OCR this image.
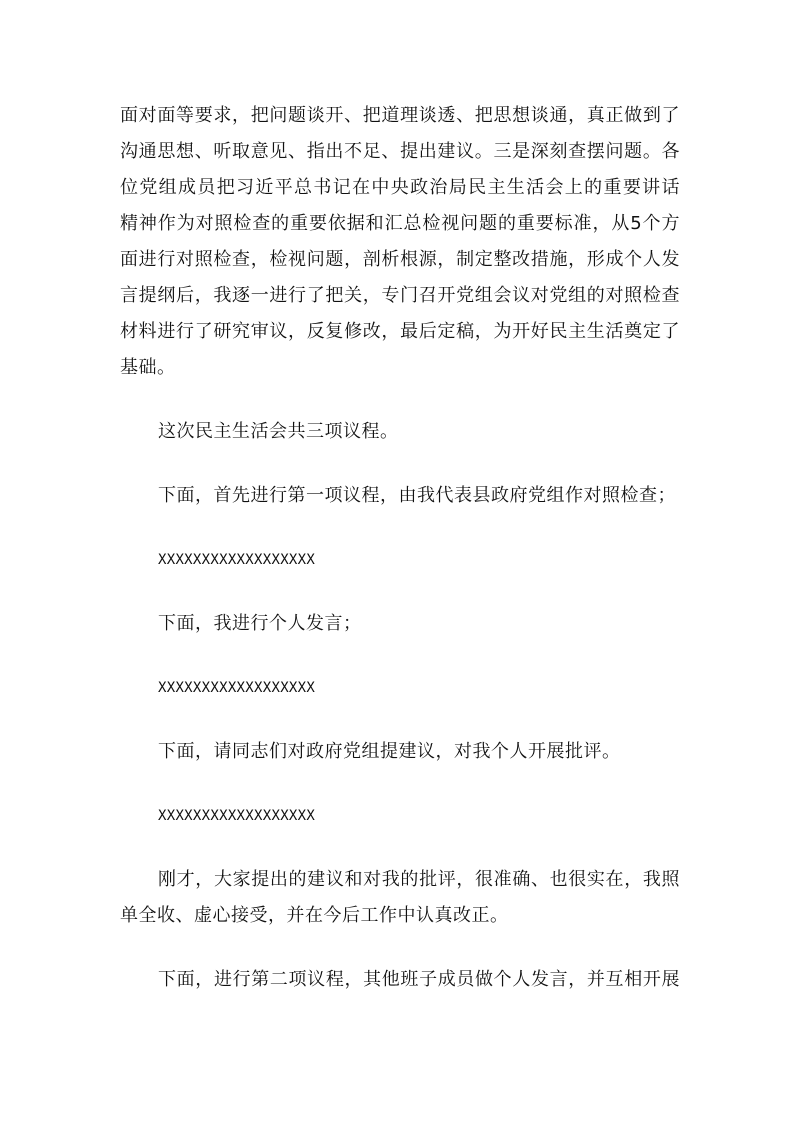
面对面等要求，把问题谈开、把道理谈透、把思想谈通，真正做到了
沟通思想、听取意见、指出不足、提出建议。三是深刻查摆问题。各
位党组成员把习近平总书记在中央政治局民主生活会上的重要讲话
精神作为对照检查的重要依据和汇总检视问题的重要标准，从5个方
面进行对照检查，检视问题，剖析根源，制定整改措施，形成个人发
言提纲后，我逐一进行了把关，专门召开党组会议对党组的对照检查
材料进行了研究审议，反复修改，最后定稿，为开好民主生活奠定了
基础。
这次民主生活会共三项议程。
下面，首先进行第一项议程，由我代表县政府党组作对照检查；
XXXXXXXXXXXXXXXXXX
下面，我进行个人发言；
XXXXXXXXXXXXXXXXXX
下面，请同志们对政府党组提建议，对我个人开展批评。
XXXXXXXXXXXXXXXXXX
刚才，大家提出的建议和对我的批评，很准确、也很实在，我照
单全收、虚心接受，并在今后工作中认真改正。
下面，进行第二项议程，其他班子成员做个人发言，并互相开展
